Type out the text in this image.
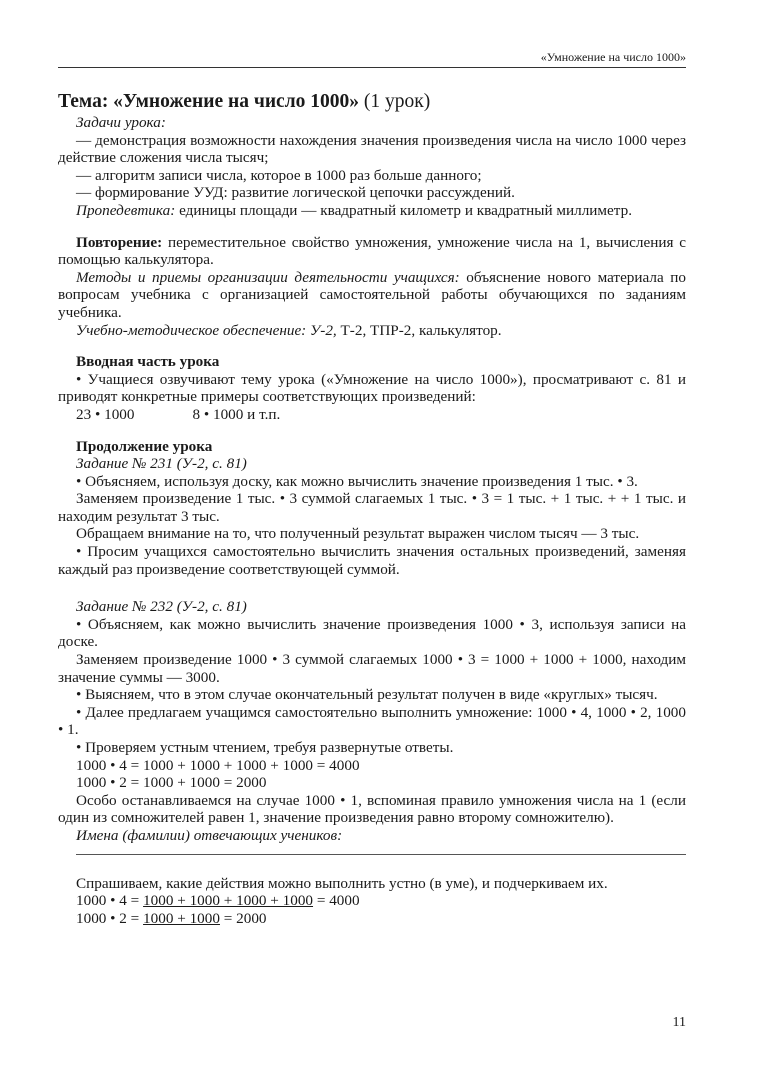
«Умножение на число 1000»

Тема: «Умножение на число 1000» (1 урок)

Задачи урока:

— демонстрация возможности нахождения значения произведения числа на число 1000 через действие сложения числа тысяч;

— алгоритм записи числа, которое в 1000 раз больше данного;

— формирование УУД: развитие логической цепочки рассуждений.

Пропедевтика: единицы площади — квадратный километр и квадратный миллиметр.

Повторение: переместительное свойство умножения, умножение числа на 1, вычисления с помощью калькулятора.

Методы и приемы организации деятельности учащихся: объяснение нового материала по вопросам учебника с организацией самостоятельной работы обучающихся по заданиям учебника.

Учебно-методическое обеспечение: У-2, Т-2, ТПР-2, калькулятор.

Вводная часть урока

• Учащиеся озвучивают тему урока («Умножение на число 1000»), просматривают с. 81 и приводят конкретные примеры соответствующих произведений:

23 • 1000	8 • 1000 и т.п.

Продолжение урока

Задание № 231 (У-2, с. 81)

• Объясняем, используя доску, как можно вычислить значение произведения 1 тыс. • 3.

Заменяем произведение 1 тыс. • 3 суммой слагаемых 1 тыс. • 3 = 1 тыс. + 1 тыс. + + 1 тыс. и находим результат 3 тыс.

Обращаем внимание на то, что полученный результат выражен числом тысяч — 3 тыс.

• Просим учащихся самостоятельно вычислить значения остальных произведений, заменяя каждый раз произведение соответствующей суммой.

Задание № 232 (У-2, с. 81)

• Объясняем, как можно вычислить значение произведения 1000 • 3, используя записи на доске.

Заменяем произведение 1000 • 3 суммой слагаемых 1000 • 3 = 1000 + 1000 + 1000, находим значение суммы — 3000.

• Выясняем, что в этом случае окончательный результат получен в виде «круглых» тысяч.

• Далее предлагаем учащимся самостоятельно выполнить умножение: 1000 • 4, 1000 • 2, 1000 • 1.

• Проверяем устным чтением, требуя развернутые ответы.

1000 • 4 = 1000 + 1000 + 1000 + 1000 = 4000

1000 • 2 = 1000 + 1000 = 2000

Особо останавливаемся на случае 1000 • 1, вспоминая правило умножения числа на 1 (если один из сомножителей равен 1, значение произведения равно второму сомножителю).

Имена (фамилии) отвечающих учеников:

Спрашиваем, какие действия можно выполнить устно (в уме), и подчеркиваем их.

1000 • 4 = 1000 + 1000 + 1000 + 1000 = 4000

1000 • 2 = 1000 + 1000 = 2000

11
